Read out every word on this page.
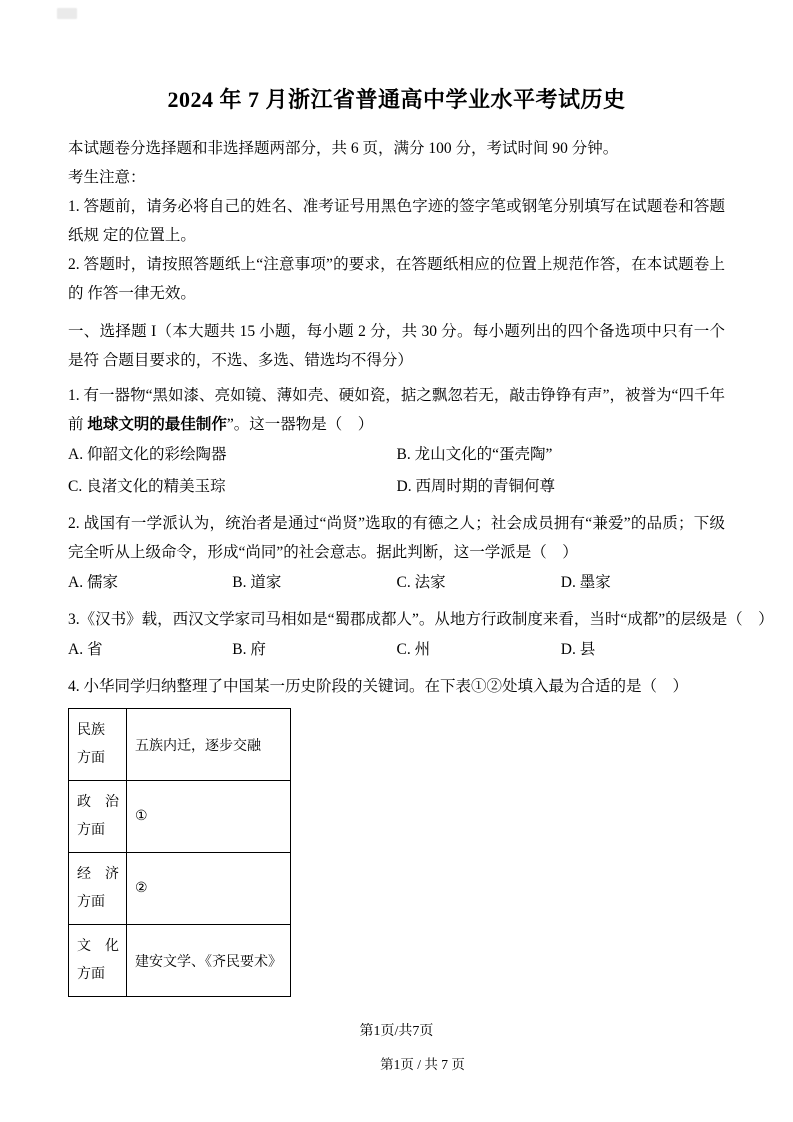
2024 年 7 月浙江省普通高中学业水平考试历史

本试题卷分选择题和非选择题两部分，共 6 页，满分 100 分，考试时间 90 分钟。

考生注意：

1. 答题前，请务必将自己的姓名、准考证号用黑色字迹的签字笔或钢笔分别填写在试题卷和答题纸规 定的位置上。

2. 答题时，请按照答题纸上“注意事项”的要求，在答题纸相应的位置上规范作答，在本试题卷上的 作答一律无效。

一、选择题 I（本大题共 15 小题，每小题 2 分，共 30 分。每小题列出的四个备选项中只有一个是符 合题目要求的，不选、多选、错选均不得分）

1. 有一器物“黑如漆、亮如镜、薄如壳、硬如瓷，掂之飘忽若无，敲击铮铮有声”，被誉为“四千年前 地球文明的最佳制作”。这一器物是（　）

A. 仰韶文化的彩绘陶器	B. 龙山文化的“蛋壳陶”
C. 良渚文化的精美玉琮	D. 西周时期的青铜何尊

2. 战国有一学派认为，统治者是通过“尚贤”选取的有德之人；社会成员拥有“兼爱”的品质；下级 完全听从上级命令，形成“尚同”的社会意志。据此判断，这一学派是（　）

A. 儒家	B. 道家	C. 法家	D. 墨家

3.《汉书》载，西汉文学家司马相如是“蜀郡成都人”。从地方行政制度来看，当时“成都”的层级是（　）

A. 省	B. 府	C. 州	D. 县

4. 小华同学归纳整理了中国某一历史阶段的关键词。在下表①②处填入最为合适的是（　）

民族
方面	五族内迁，逐步交融

政　治
方面	①

经　济
方面	②

文　化
方面	建安文学、《齐民要术》
第1页/共7页
第1页 / 共 7 页
